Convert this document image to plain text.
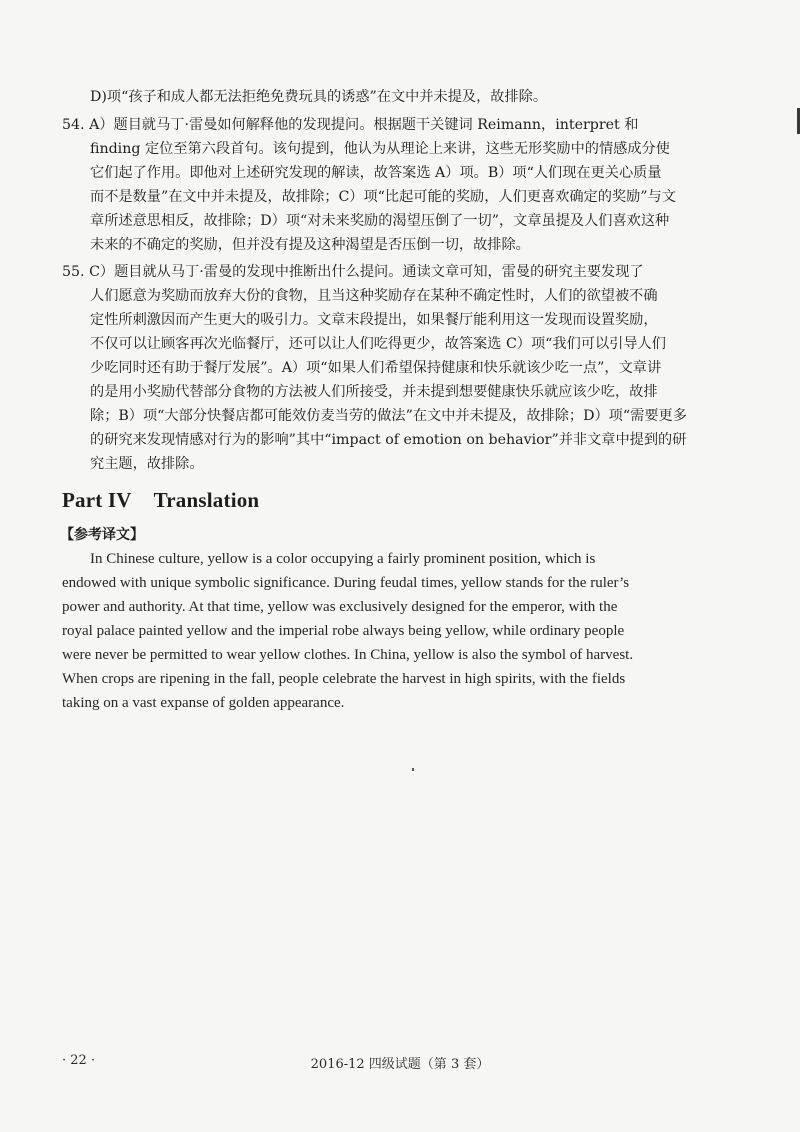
D)项“孩子和成人都无法拒绝免费玩具的诱惑”在文中并未提及，故排除。
54. A）题目就马丁·雷曼如何解释他的发现提问。根据题干关键词 Reimann，interpret 和
finding 定位至第六段首句。该句提到，他认为从理论上来讲，这些无形奖励中的情感成分使
它们起了作用。即他对上述研究发现的解读，故答案选 A）项。B）项“人们现在更关心质量
而不是数量”在文中并未提及，故排除；C）项“比起可能的奖励，人们更喜欢确定的奖励”与文
章所述意思相反，故排除；D）项“对未来奖励的渴望压倒了一切”，文章虽提及人们喜欢这种
未来的不确定的奖励，但并没有提及这种渴望是否压倒一切，故排除。
55. C）题目就从马丁·雷曼的发现中推断出什么提问。通读文章可知，雷曼的研究主要发现了
人们愿意为奖励而放弃大份的食物，且当这种奖励存在某种不确定性时，人们的欲望被不确
定性所刺激因而产生更大的吸引力。文章末段提出，如果餐厅能利用这一发现而设置奖励，
不仅可以让顾客再次光临餐厅，还可以让人们吃得更少，故答案选 C）项“我们可以引导人们
少吃同时还有助于餐厅发展”。A）项“如果人们希望保持健康和快乐就该少吃一点”，文章讲
的是用小奖励代替部分食物的方法被人们所接受，并未提到想要健康快乐就应该少吃，故排
除；B）项“大部分快餐店都可能效仿麦当劳的做法”在文中并未提及，故排除；D）项“需要更多
的研究来发现情感对行为的影响”其中“impact of emotion on behavior”并非文章中提到的研
究主题，故排除。
Part IV Translation
【参考译文】
In Chinese culture, yellow is a color occupying a fairly prominent position, which is
endowed with unique symbolic significance. During feudal times, yellow stands for the ruler’s
power and authority. At that time, yellow was exclusively designed for the emperor, with the
royal palace painted yellow and the imperial robe always being yellow, while ordinary people
were never be permitted to wear yellow clothes. In China, yellow is also the symbol of harvest.
When crops are ripening in the fall, people celebrate the harvest in high spirits, with the fields
taking on a vast expanse of golden appearance.
· 22 ·	2016-12 四级试题（第 3 套）
